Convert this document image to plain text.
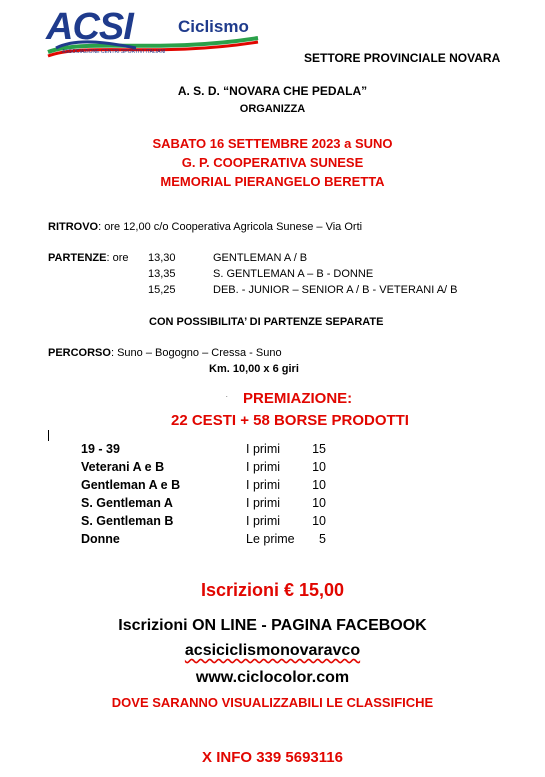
ACSI	Ciclismo
ASSOCIAZIONE CENTRI SPORTIVI ITALIANI	SETTORE PROVINCIALE NOVARA
A. S. D. “NOVARA CHE PEDALA”
ORGANIZZA
SABATO 16 SETTEMBRE 2023 a SUNO
G. P. COOPERATIVA SUNESE
MEMORIAL PIERANGELO BERETTA
RITROVO: ore 12,00 c/o Cooperativa Agricola Sunese – Via Orti
PARTENZE: ore 13,30	GENTLEMAN A / B
13,35	S. GENTLEMAN A – B - DONNE
15,25	DEB. - JUNIOR – SENIOR A / B - VETERANI A/ B
CON POSSIBILITA’ DI PARTENZE SEPARATE
PERCORSO: Suno – Bogogno – Cressa - Suno
Km. 10,00 x 6 giri
. PREMIAZIONE:
22 CESTI + 58 BORSE PRODOTTI
19 - 39	I primi	15
Veterani A e B	I primi	10
Gentleman A e B	I primi	10
S. Gentleman A	I primi	10
S. Gentleman B	I primi	10
Donne	Le prime	5
Iscrizioni € 15,00
Iscrizioni ON LINE - PAGINA FACEBOOK
acsiciclismonovaravco
www.ciclocolor.com
DOVE SARANNO VISUALIZZABILI LE CLASSIFICHE
X INFO 339 5693116
